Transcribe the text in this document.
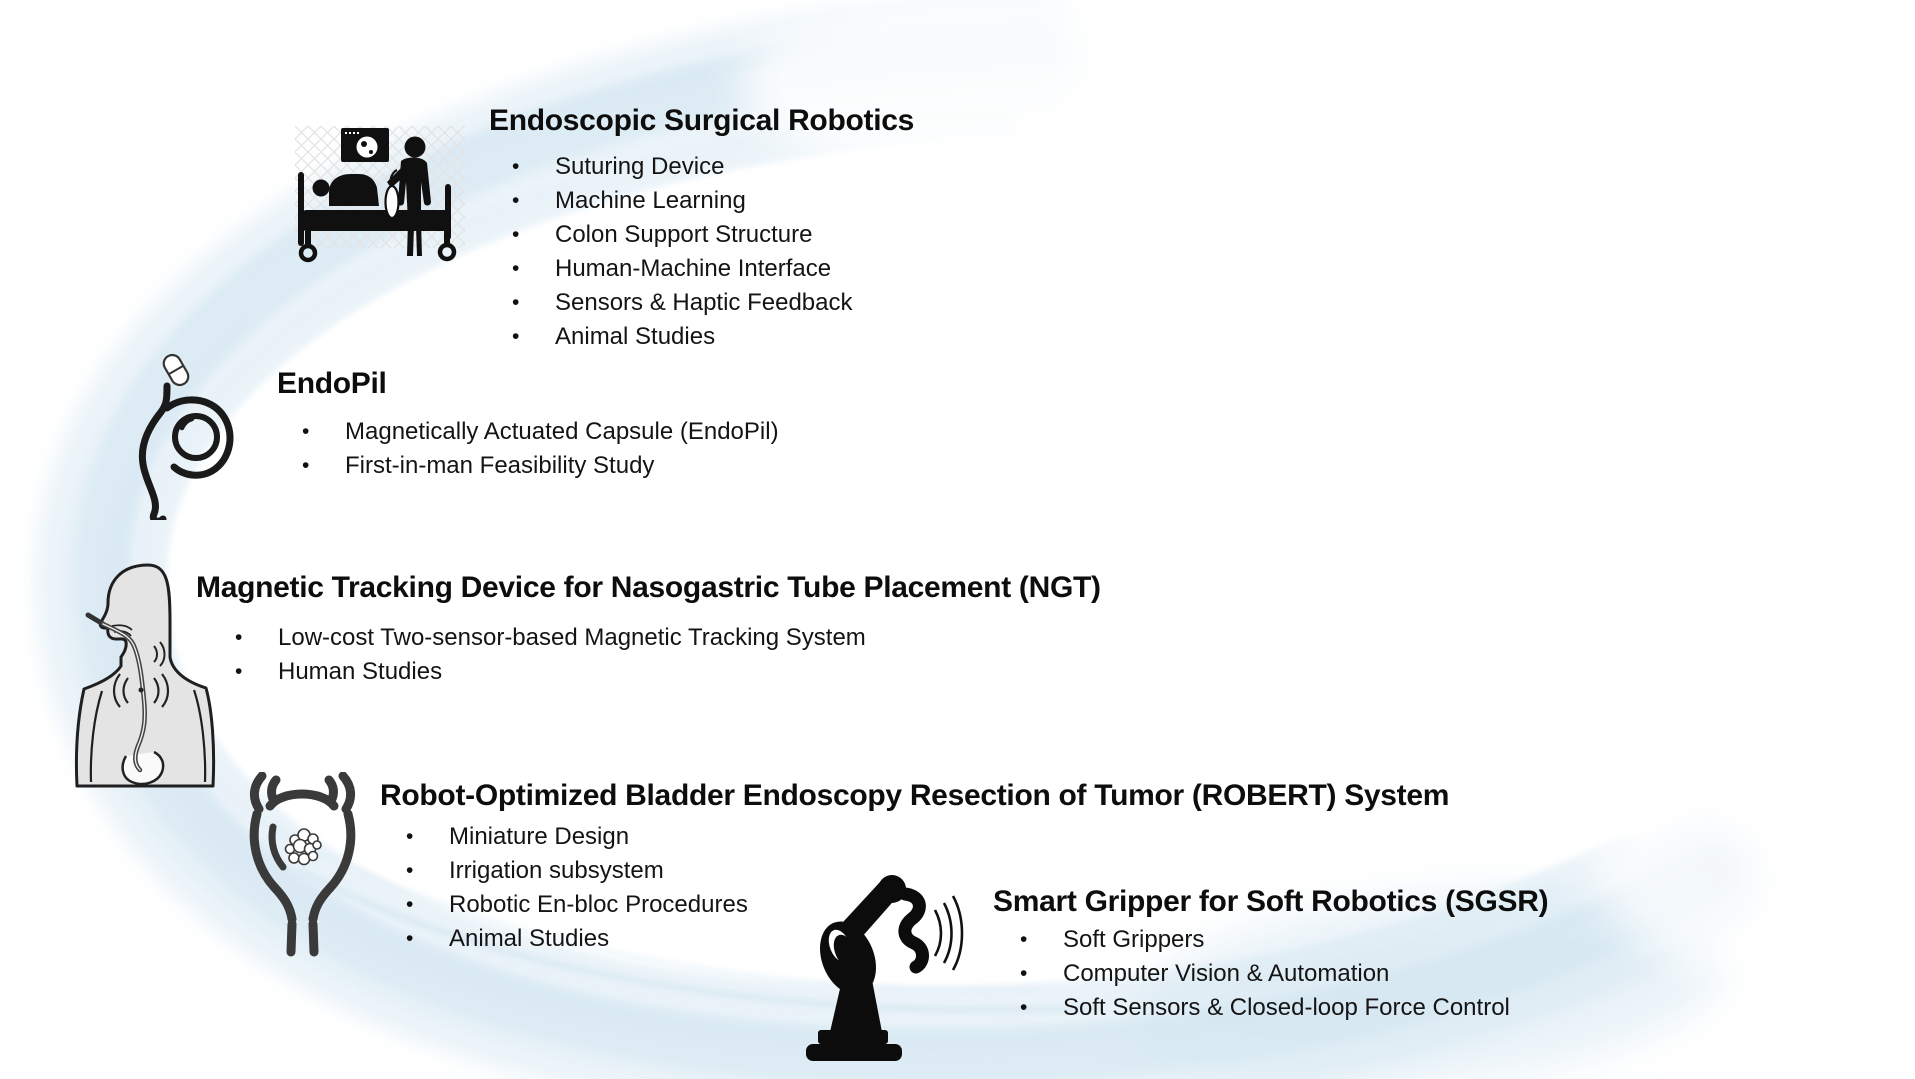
Endoscopic Surgical Robotics
•	Suturing Device
•	Machine Learning
•	Colon Support Structure
•	Human-Machine Interface
•	Sensors & Haptic Feedback
•	Animal Studies
EndoPil
•	Magnetically Actuated Capsule (EndoPil)
•	First-in-man Feasibility Study
Magnetic Tracking Device for Nasogastric Tube Placement (NGT)
•	Low-cost Two-sensor-based Magnetic Tracking System
•	Human Studies
Robot-Optimized Bladder Endoscopy Resection of Tumor (ROBERT) System
•	Miniature Design
•	Irrigation subsystem
•	Robotic En-bloc Procedures
•	Animal Studies
Smart Gripper for Soft Robotics (SGSR)
•	Soft Grippers
•	Computer Vision & Automation
•	Soft Sensors & Closed-loop Force Control
